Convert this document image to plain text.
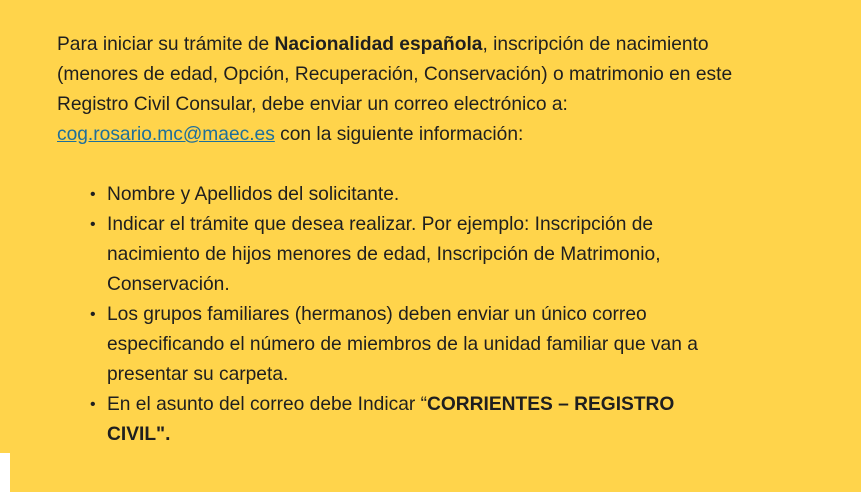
Para iniciar su trámite de Nacionalidad española, inscripción de nacimiento (menores de edad, Opción, Recuperación, Conservación) o matrimonio en este Registro Civil Consular, debe enviar un correo electrónico a: cog.rosario.mc@maec.es con la siguiente información:

• Nombre y Apellidos del solicitante.
• Indicar el trámite que desea realizar. Por ejemplo: Inscripción de nacimiento de hijos menores de edad, Inscripción de Matrimonio, Conservación.
• Los grupos familiares (hermanos) deben enviar un único correo especificando el número de miembros de la unidad familiar que van a presentar su carpeta.
• En el asunto del correo debe Indicar “CORRIENTES – REGISTRO CIVIL".
